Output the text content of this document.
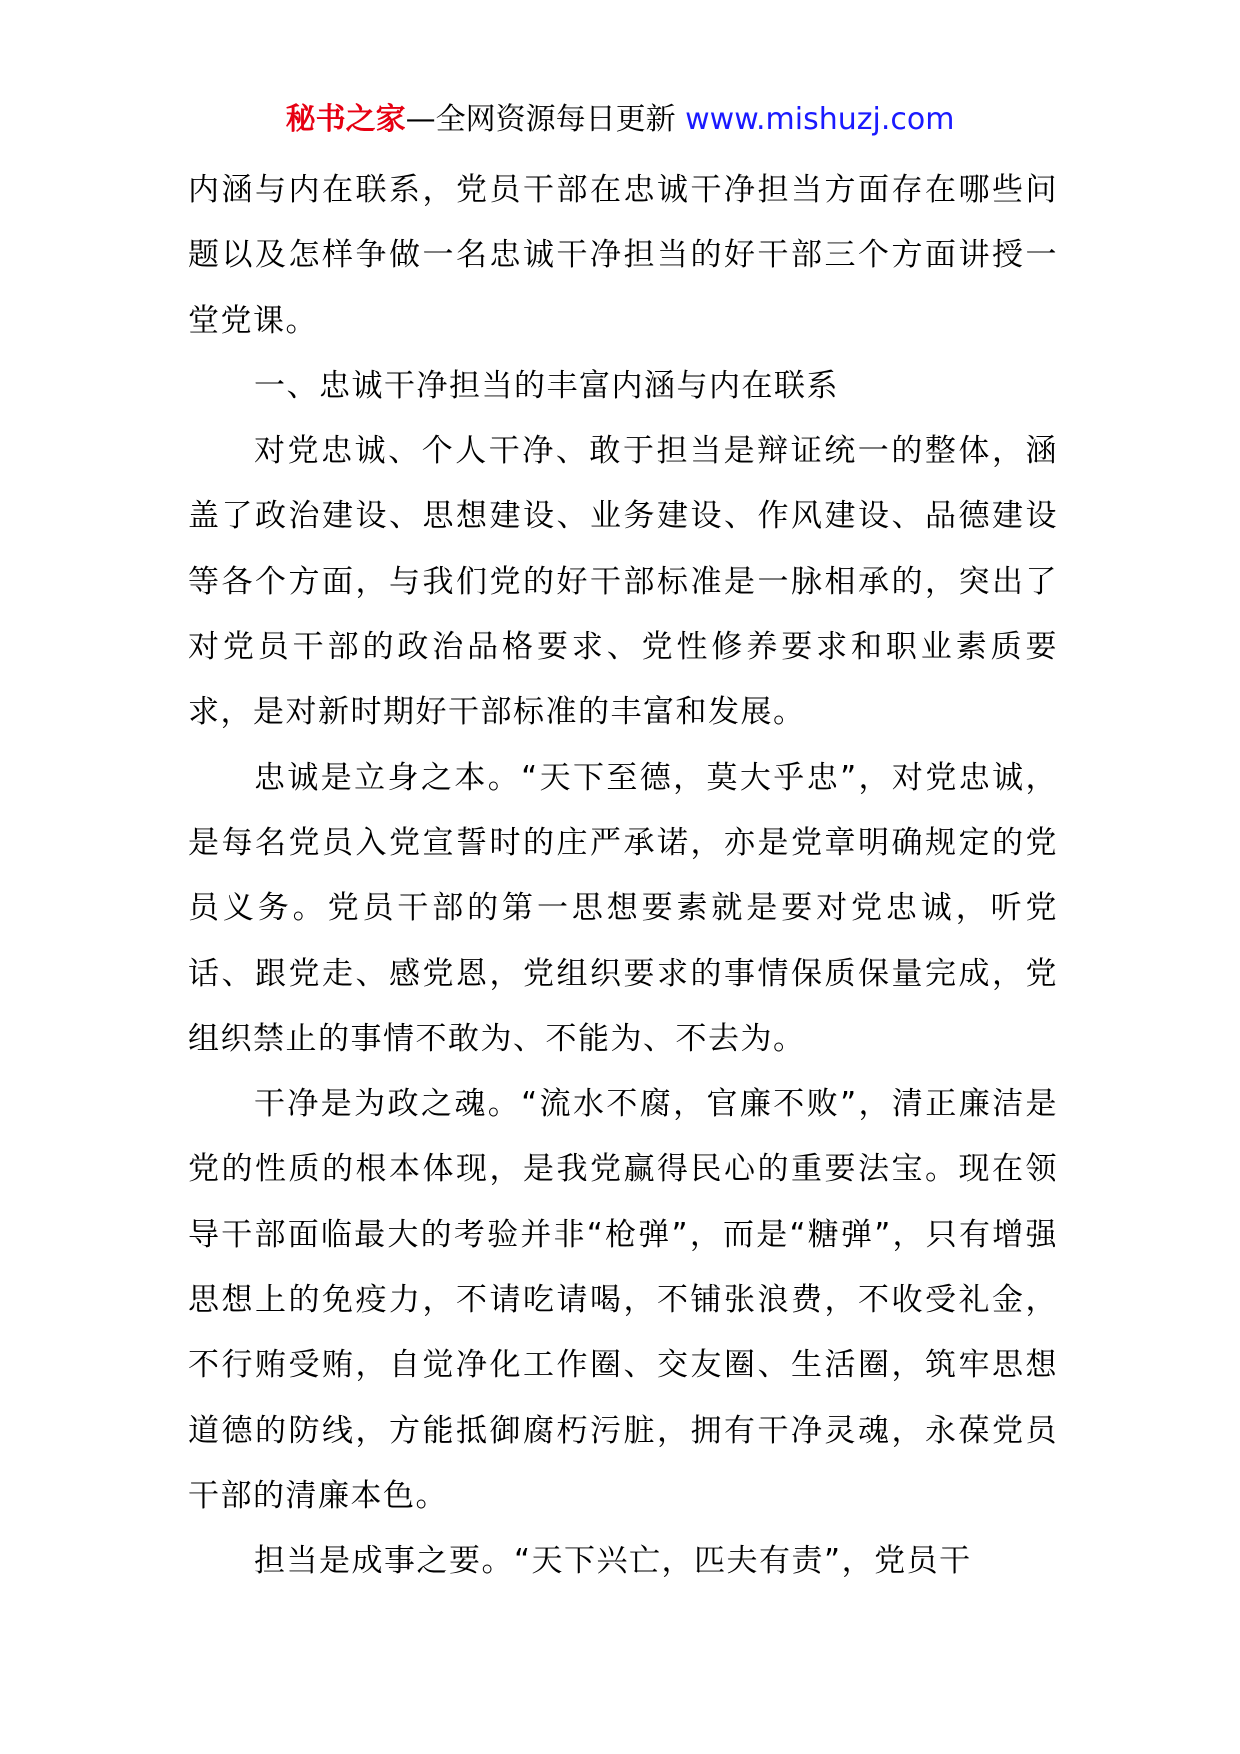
秘书之家—全网资源每日更新 www.mishuzj.com

内涵与内在联系，党员干部在忠诚干净担当方面存在哪些问题以及怎样争做一名忠诚干净担当的好干部三个方面讲授一堂党课。

一、忠诚干净担当的丰富内涵与内在联系

对党忠诚、个人干净、敢于担当是辩证统一的整体，涵盖了政治建设、思想建设、业务建设、作风建设、品德建设等各个方面，与我们党的好干部标准是一脉相承的，突出了对党员干部的政治品格要求、党性修养要求和职业素质要求，是对新时期好干部标准的丰富和发展。

忠诚是立身之本。“天下至德，莫大乎忠”，对党忠诚，是每名党员入党宣誓时的庄严承诺，亦是党章明确规定的党员义务。党员干部的第一思想要素就是要对党忠诚，听党话、跟党走、感党恩，党组织要求的事情保质保量完成，党组织禁止的事情不敢为、不能为、不去为。

干净是为政之魂。“流水不腐，官廉不败”，清正廉洁是党的性质的根本体现，是我党赢得民心的重要法宝。现在领导干部面临最大的考验并非“枪弹”，而是“糖弹”，只有增强思想上的免疫力，不请吃请喝，不铺张浪费，不收受礼金，不行贿受贿，自觉净化工作圈、交友圈、生活圈，筑牢思想道德的防线，方能抵御腐朽污脏，拥有干净灵魂，永葆党员干部的清廉本色。

担当是成事之要。“天下兴亡，匹夫有责”，党员干
